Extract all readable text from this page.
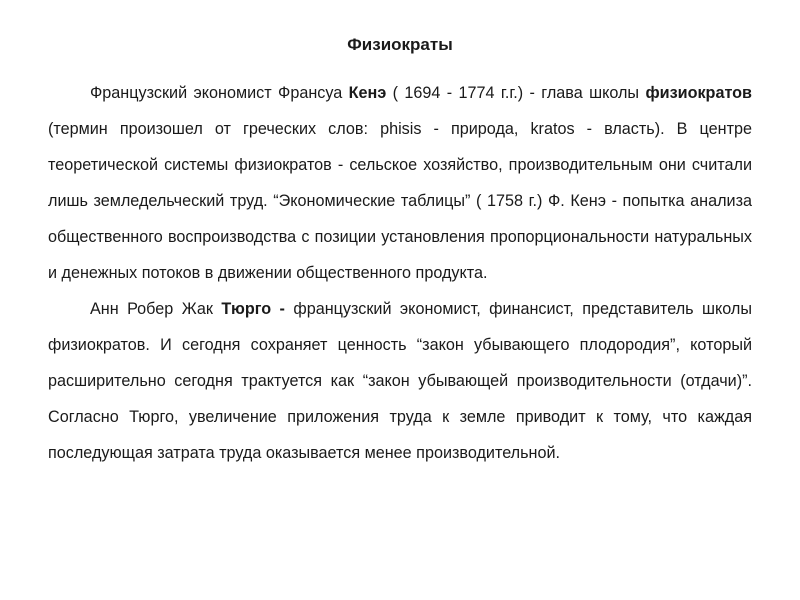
Физиократы

Французский экономист Франсуа Кенэ ( 1694 - 1774 г.г.) - глава школы физиократов (термин произошел от греческих слов: phisis - природа, kratos - власть). В центре теоретической системы физиократов - сельское хозяйство, производительным они считали лишь земледельческий труд. “Экономические таблицы” ( 1758 г.) Ф. Кенэ - попытка анализа общественного воспроизводства с позиции установления пропорциональности натуральных и денежных потоков в движении общественного продукта.

Анн Робер Жак Тюрго - французский экономист, финансист, представитель школы физиократов. И сегодня сохраняет ценность “закон убывающего плодородия”, который расширительно сегодня трактуется как “закон убывающей производительности (отдачи)”. Согласно Тюрго, увеличение приложения труда к земле приводит к тому, что каждая последующая затрата труда оказывается менее производительной.
